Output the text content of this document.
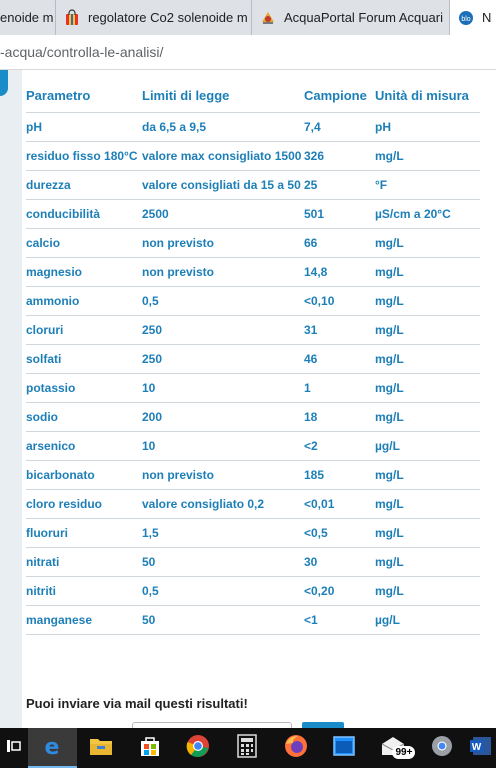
enoide m	regolatore Co2 solenoide m	AcquaPortal Forum Acquari	blo N
-acqua/controlla-le-analisi/
Parametro	Limiti di legge	Campione	Unità di misura
pH	da 6,5 a 9,5	7,4	pH
residuo fisso 180°C	valore max consigliato 1500	326	mg/L
durezza	valore consigliati da 15 a 50	25	°F
conducibilità	2500	501	µS/cm a 20°C
calcio	non previsto	66	mg/L
magnesio	non previsto	14,8	mg/L
ammonio	0,5	<0,10	mg/L
cloruri	250	31	mg/L
solfati	250	46	mg/L
potassio	10	1	mg/L
sodio	200	18	mg/L
arsenico	10	<2	µg/L
bicarbonato	non previsto	185	mg/L
cloro residuo	valore consigliato 0,2	<0,01	mg/L
fluoruri	1,5	<0,5	mg/L
nitrati	50	30	mg/L
nitriti	0,5	<0,20	mg/L
manganese	50	<1	µg/L
Puoi inviare via mail questi risultati!
e	99+	W
